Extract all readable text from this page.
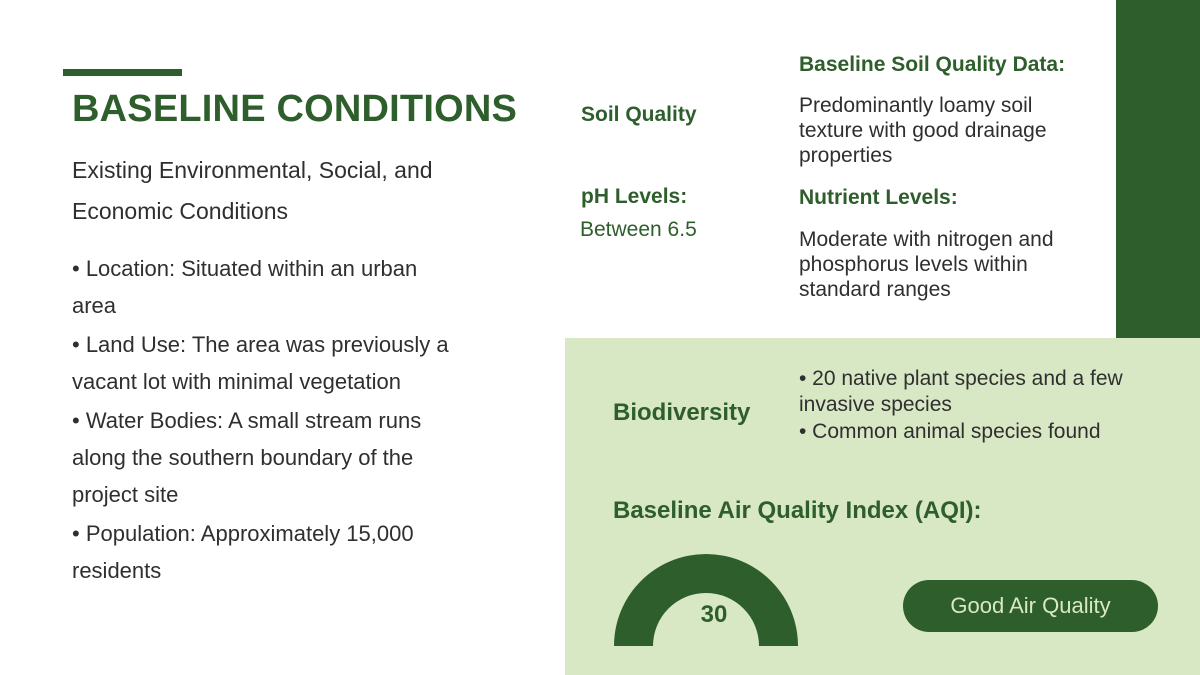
BASELINE CONDITIONS

Existing Environmental, Social, and Economic Conditions

• Location: Situated within an urban area
• Land Use: The area was previously a vacant lot with minimal vegetation
• Water Bodies: A small stream runs along the southern boundary of the project site
• Population: Approximately 15,000 residents

Soil Quality

pH Levels:

Between 6.5

Baseline Soil Quality Data:

Predominantly loamy soil texture with good drainage properties

Nutrient Levels:

Moderate with nitrogen and phosphorus levels within standard ranges

Biodiversity

• 20 native plant species and a few invasive species
• Common animal species found

Baseline Air Quality Index (AQI):

30	Good Air Quality
